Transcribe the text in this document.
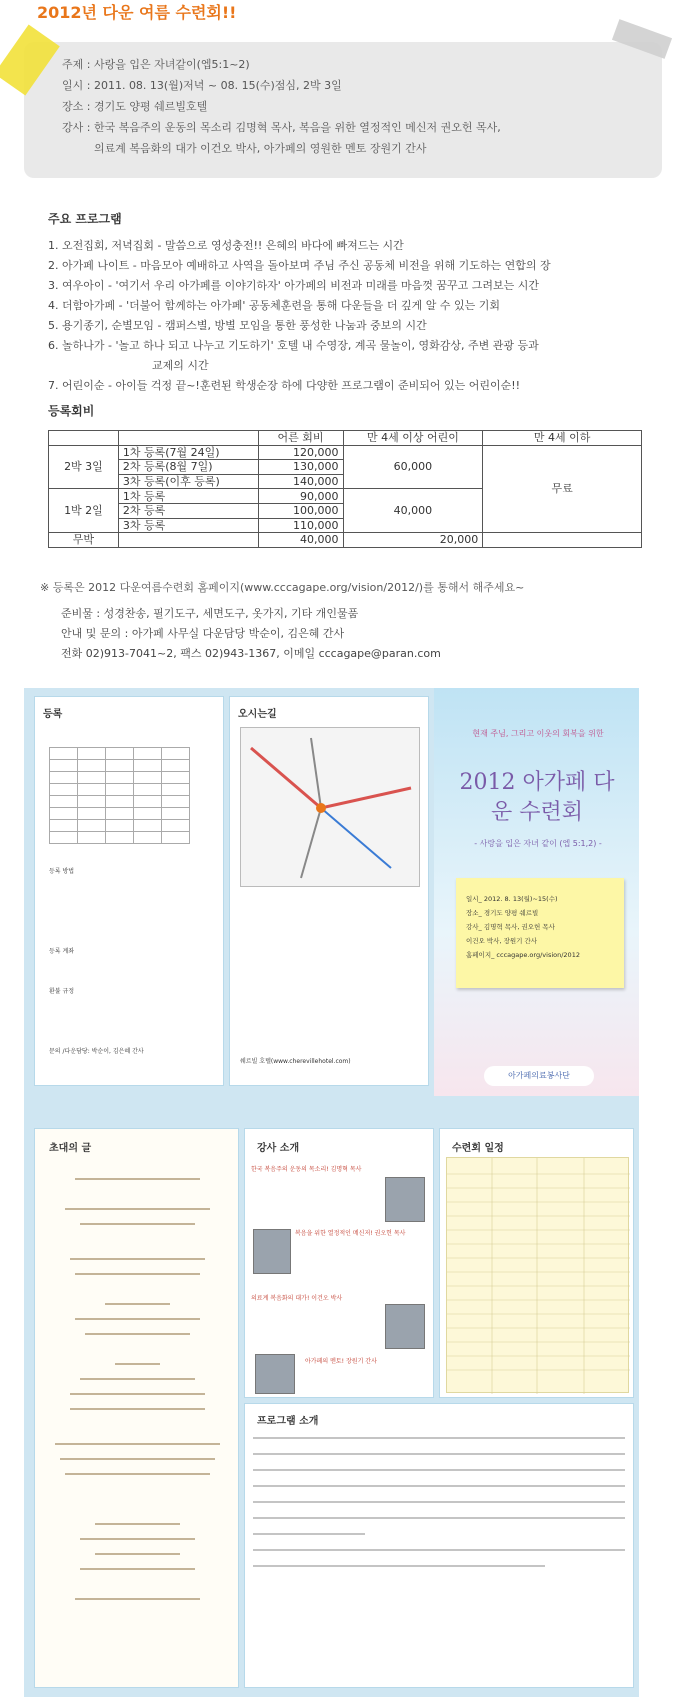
2012년 다운 여름 수련회!!
주제 : 사랑을 입은 자녀같이(엡5:1~2)
일시 : 2011. 08. 13(월)저녁 ~ 08. 15(수)점심, 2박 3일
장소 : 경기도 양평 쉐르빌호텔
강사 : 한국 복음주의 운동의 목소리 김명혁 목사, 복음을 위한 열정적인 메신저 권오헌 목사,
의료계 복음화의 대가 이건오 박사, 아가페의 영원한 멘토 장원기 간사
주요 프로그램
1. 오전집회, 저녁집회 - 말씀으로 영성충전!! 은혜의 바다에 빠져드는 시간
2. 아가페 나이트 - 마음모아 예배하고 사역을 돌아보며 주님 주신 공동체 비전을 위해 기도하는 연합의 장
3. 여우아이 - '여기서 우리 아가페를 이야기하자' 아가페의 비전과 미래를 마음껏 꿈꾸고 그려보는 시간
4. 더함아가페 - '더불어 함께하는 아가페' 공동체훈련을 통해 다운들을 더 깊게 알 수 있는 기회
5. 용기종기, 순별모임 - 캠퍼스별, 방별 모임을 통한 풍성한 나눔과 중보의 시간
6. 놀하나가 - '놀고 하나 되고 나누고 기도하기' 호텔 내 수영장, 계곡 물놀이, 영화감상, 주변 관광 등과
교제의 시간
7. 어린이순 - 아이들 걱정 끝~!훈련된 학생순장 하에 다양한 프로그램이 준비되어 있는 어린이순!!
등록회비
		어른 회비	만 4세 이상 어린이	만 4세 이하
2박 3일	1차 등록(7월 24일)	120,000	60,000	무료
	2차 등록(8월 7일)	130,000		
	3차 등록(이후 등록)	140,000		
1박 2일	1차 등록	90,000	40,000	
	2차 등록	100,000		
	3차 등록	110,000		
무박		40,000	20,000	
※ 등록은 2012 다운여름수련회 홈페이지(www.cccagape.org/vision/2012/)를 통해서 해주세요~
준비물 : 성경찬송, 필기도구, 세면도구, 옷가지, 기타 개인물품
안내 및 문의 : 아가페 사무실 다운담당 박순이, 김은혜 간사
전화 02)913-7041~2, 팩스 02)943-1367, 이메일 cccagape@paran.com
등록

등록 방법
등록 계좌
환불 규정
문의 /다운담당: 박순이, 김은혜 간사
오시는길
쉐르빌 호텔(www.cherevillehotel.com)
현재 주님, 그리고 이웃의 회복을 위한
2012 아가페 다운 수련회
- 사랑을 입은 자녀 같이 (엡 5:1,2) -
일시_ 2012. 8. 13(월)~15(수)
장소_ 경기도 양평 쉐르빌
강사_ 김명혁 목사, 권오헌 목사
이건오 박사, 장원기 간사
홈페이지_ cccagape.org/vision/2012
아가페의료봉사단
초대의 글	강사 소개
한국 복음주의 운동의 목소리! 김명혁 목사
복음을 위한 열정적인 메신저! 권오헌 목사
의료계 복음화의 대가! 이건오 박사
아가페의 멘토! 장원기 간사
수련회 일정
프로그램 소개
